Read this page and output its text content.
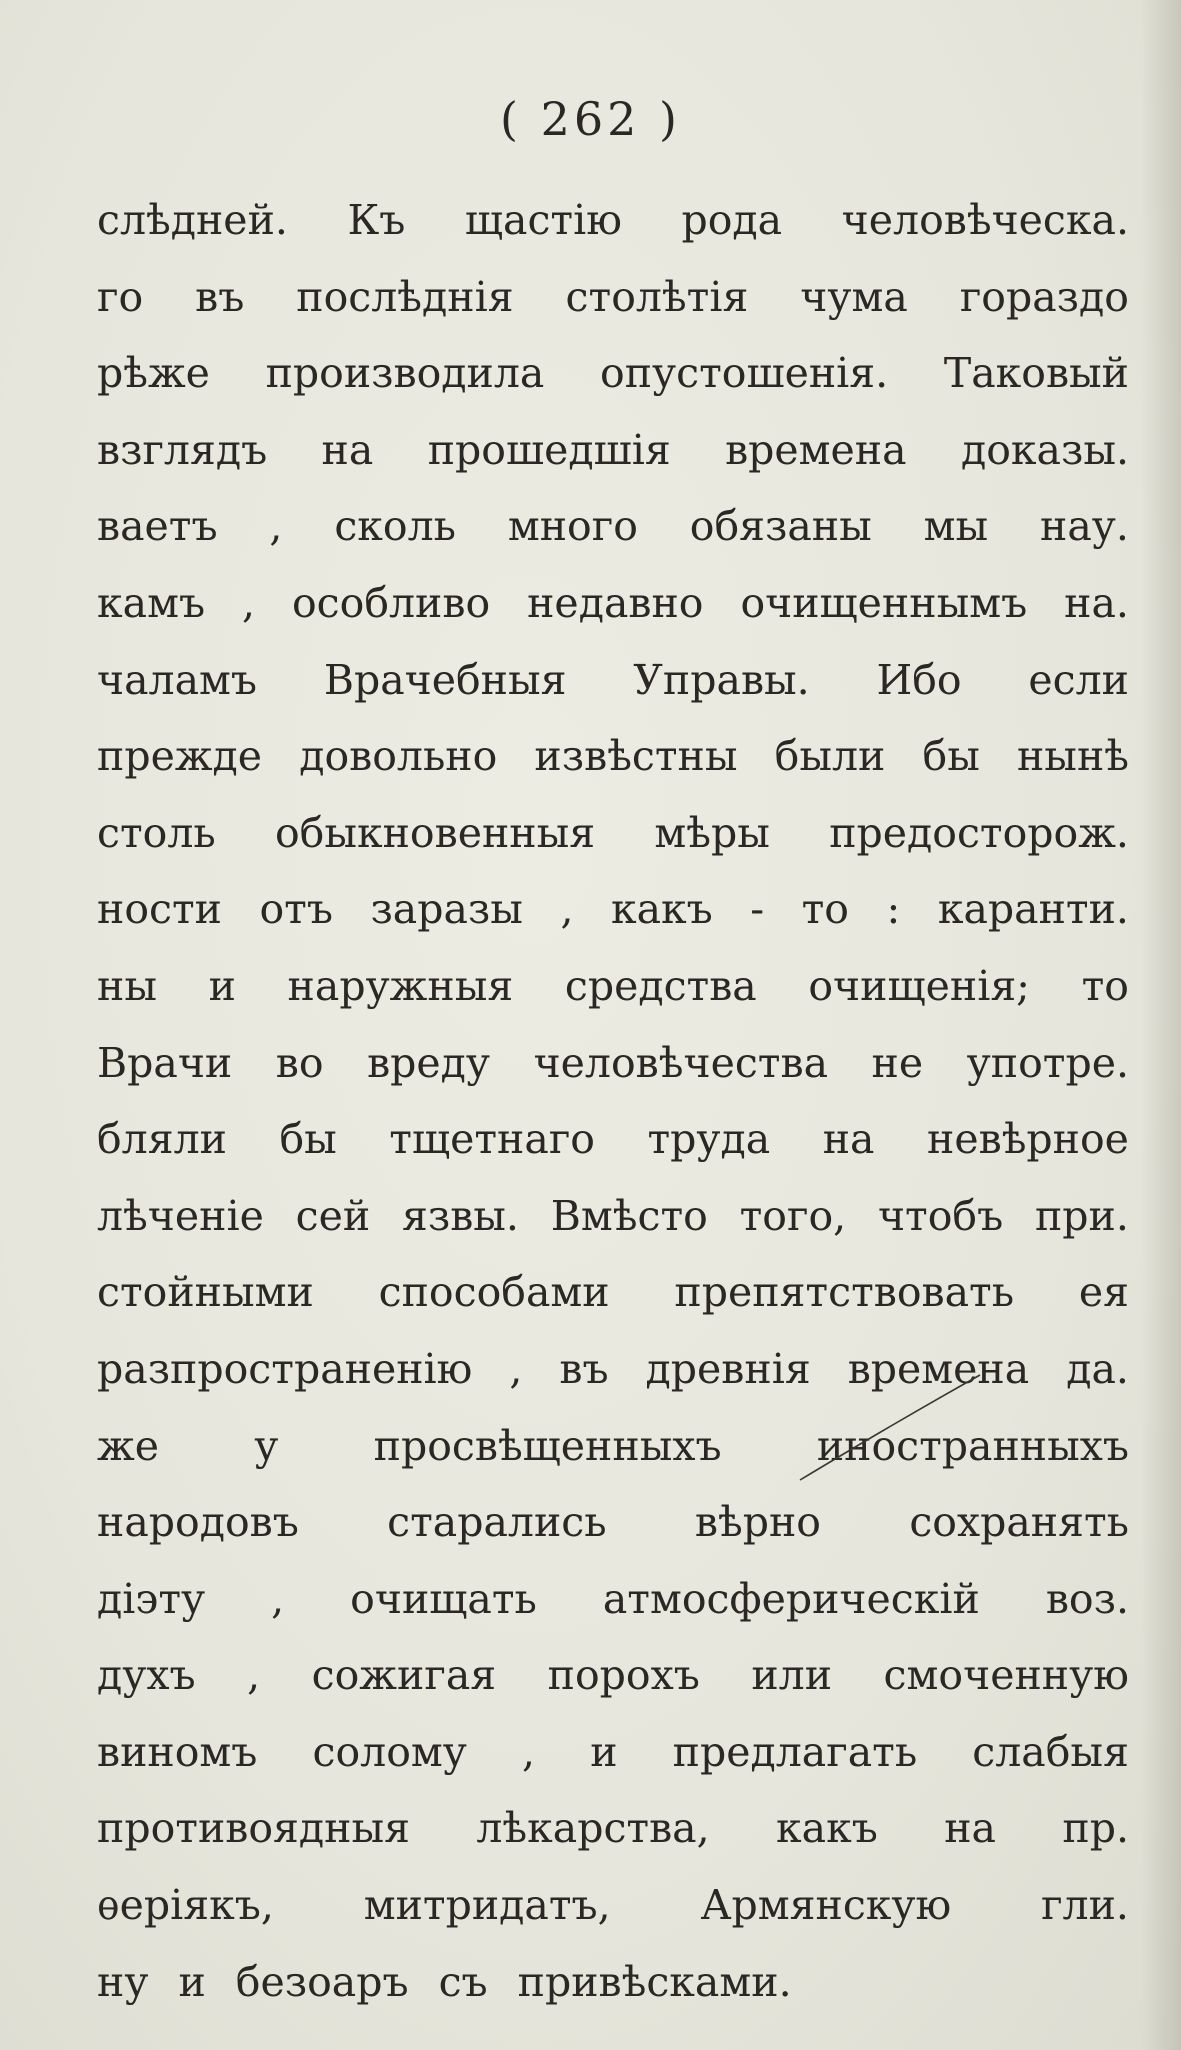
( 262 )
слѣдней. Къ щастію рода человѣческа.
го въ послѣднія столѣтія чума гораздо
рѣже производила опустошенія. Таковый
взглядъ на прошедшія времена доказы.
ваетъ , сколь много обязаны мы нау.
камъ , особливо недавно очищеннымъ на.
чаламъ Врачебныя Управы. Ибо если
прежде довольно извѣстны были бы нынѣ
столь обыкновенныя мѣры предосторож.
ности отъ заразы , какъ - то : каранти.
ны и наружныя средства очищенія; то
Врачи во вреду человѣчества не употре.
бляли бы тщетнаго труда на невѣрное
лѣченіе сей язвы. Вмѣсто того, чтобъ при.
стойными способами препятствовать ея
разпространенію , въ древнія времена да.
же у просвѣщенныхъ иностранныхъ
народовъ старались вѣрно сохранять
діэту , очищать атмосферическій воз.
духъ , сожигая порохъ или смоченную
виномъ солому , и предлагать слабыя
противоядныя лѣкарства, какъ на пр.
ѳеріякъ, митридатъ, Армянскую гли.
ну и безоаръ съ привѣсками.
